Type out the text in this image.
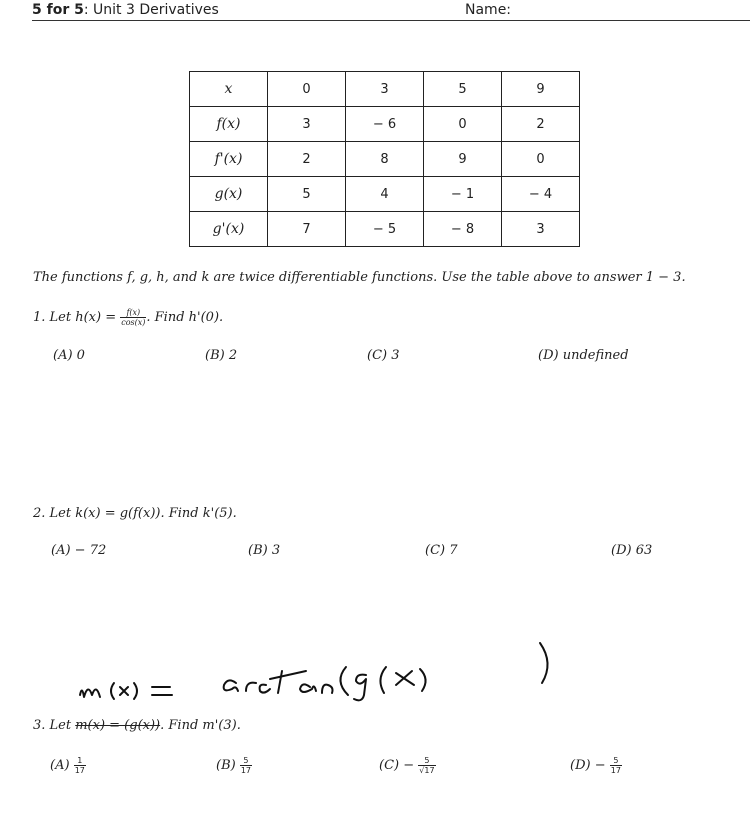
5 for 5: Unit 3 Derivatives	Name:
x	0	3	5	9
f(x)	3	− 6	0	2
f'(x)	2	8	9	0
g(x)	5	4	− 1	− 4
g'(x)	7	− 5	− 8	3
The functions f, g, h, and k are twice differentiable functions. Use the table above to answer 1 − 3.
1. Let $h(x) = \frac{f(x)}{\cos(x)}$ . Find h'(0).
(A) 0	(B) 2	(C) 3	(D) undefined
2. Let k(x) = g(f(x)). Find k'(5).
(A) − 72	(B) 3	(C) 7	(D) 63
3. Let m(x) = (g(x)). Find m'(3).
$(A) \frac{1}{17}$	$(B) \frac{5}{17}$	$(C) - \frac{5}{√17}$	$(D) - \frac{5}{17}$
